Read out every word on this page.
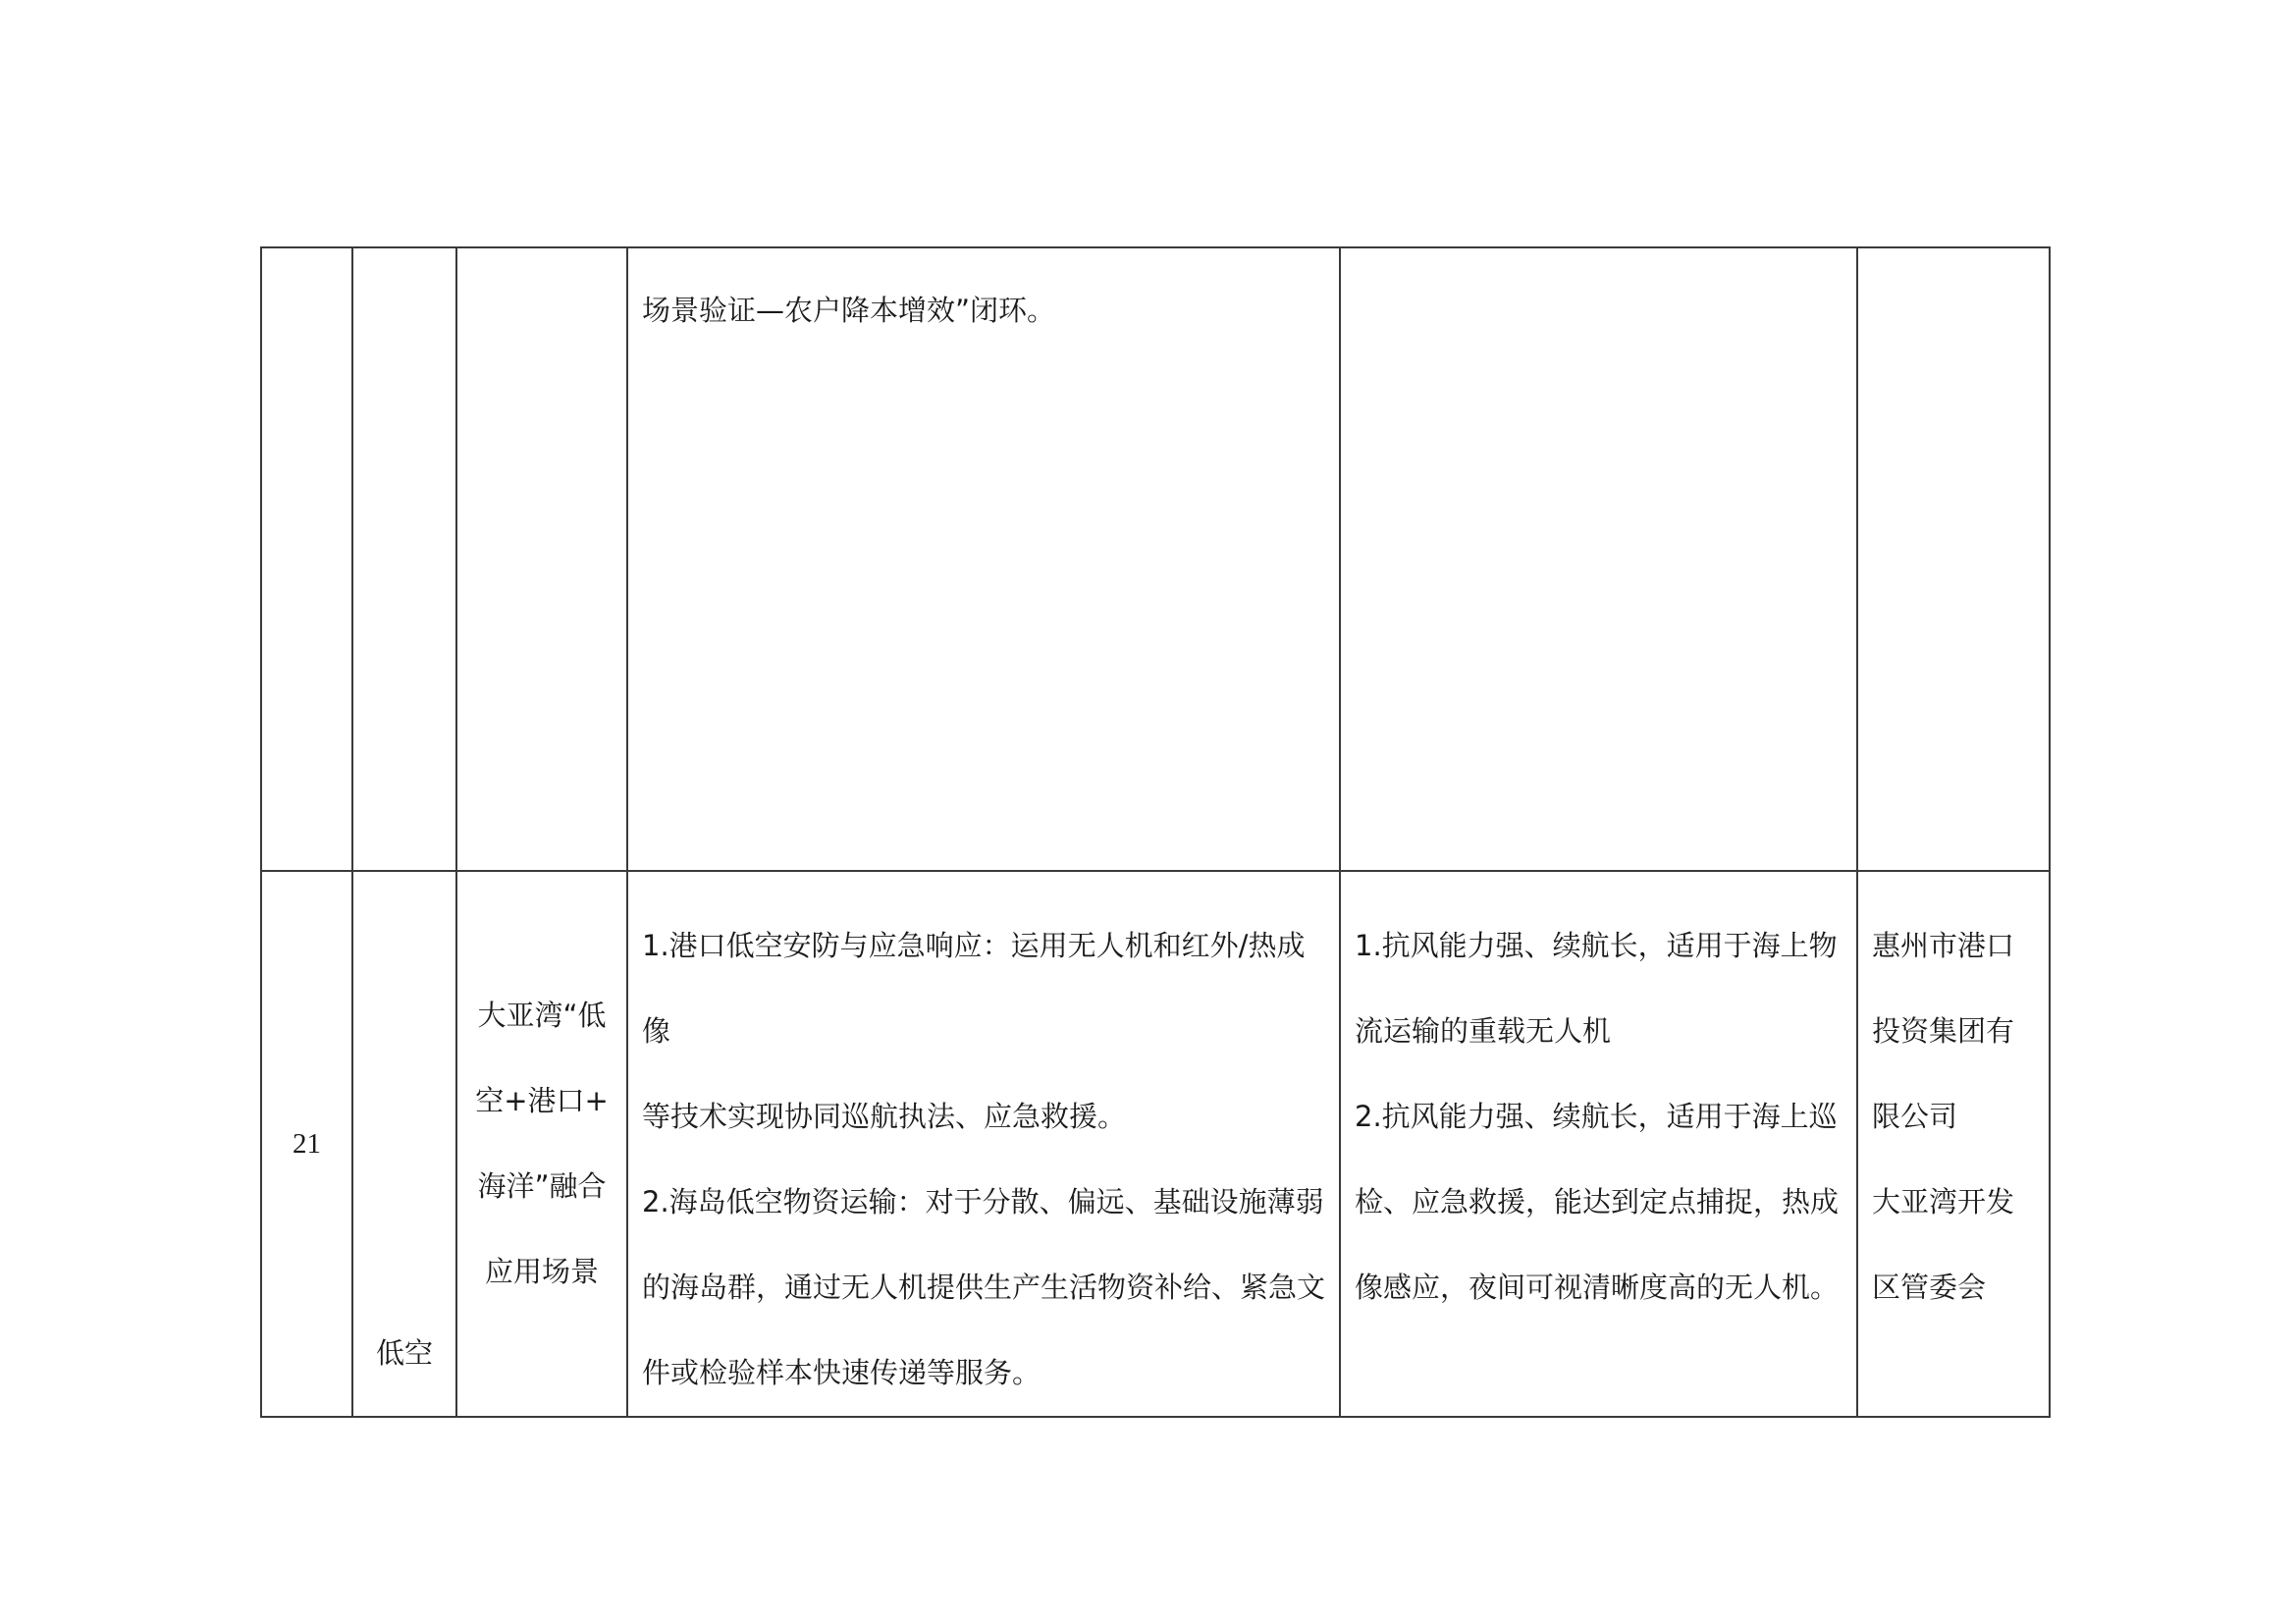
			场景验证—农户降本增效”闭环。		

21	低空	大亚湾“低
空+港口+
海洋”融合
应用场景	1.港口低空安防与应急响应：运用无人机和红外/热成像
等技术实现协同巡航执法、应急救援。
2.海岛低空物资运输：对于分散、偏远、基础设施薄弱
的海岛群，通过无人机提供生产生活物资补给、紧急文
件或检验样本快速传递等服务。	1.抗风能力强、续航长，适用于海上物
流运输的重载无人机
2.抗风能力强、续航长，适用于海上巡
检、应急救援，能达到定点捕捉，热成
像感应，夜间可视清晰度高的无人机。	惠州市港口
投资集团有
限公司
大亚湾开发
区管委会
